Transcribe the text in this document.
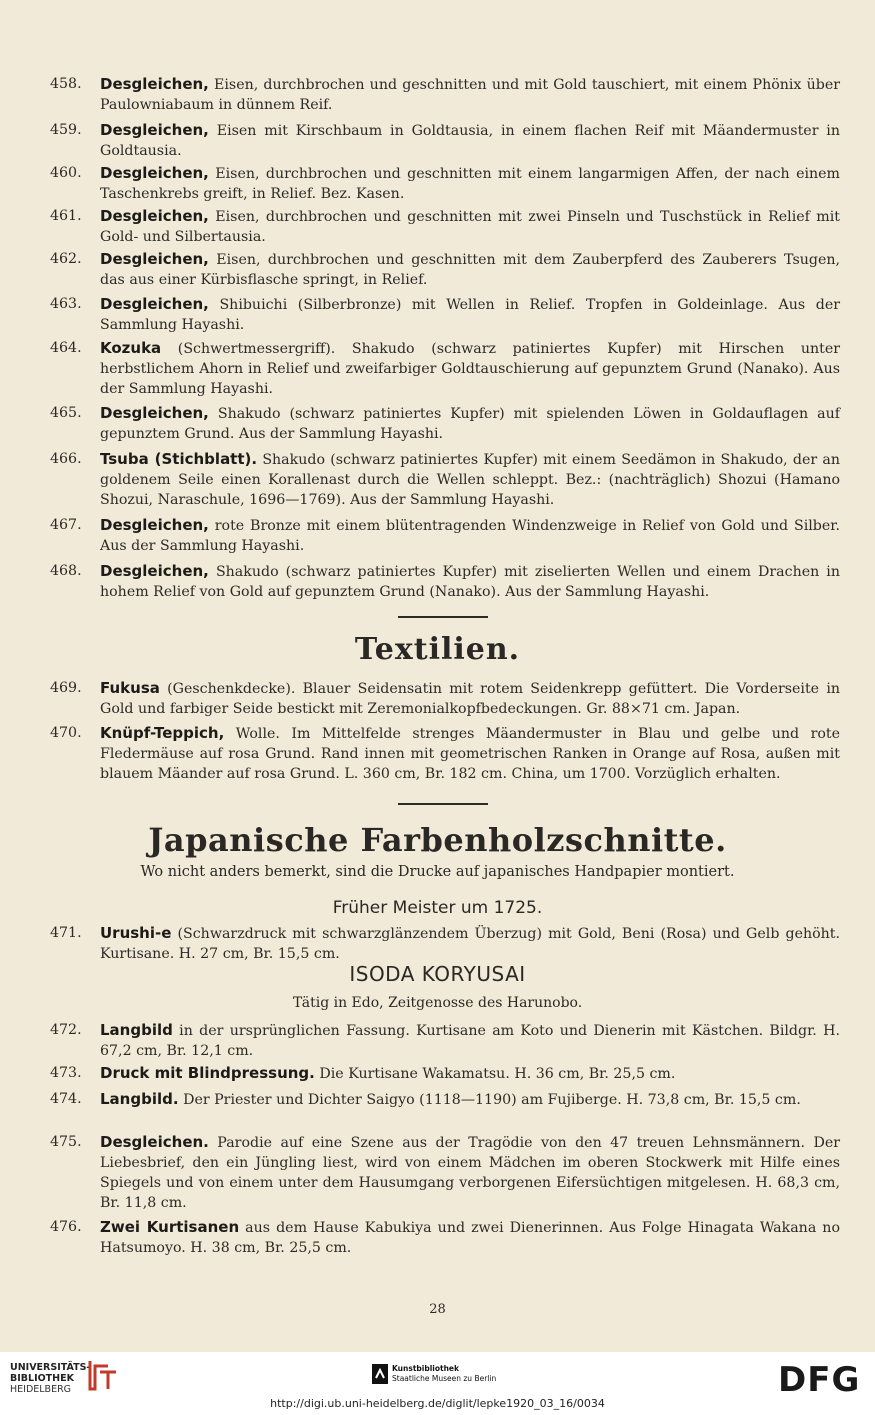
458.	Desgleichen, Eisen, durchbrochen und geschnitten und mit Gold tauschiert, mit einem Phönix über Paulowniabaum in dünnem Reif.
459.	Desgleichen, Eisen mit Kirschbaum in Goldtausia, in einem flachen Reif mit Mäandermuster in Goldtausia.
460.	Desgleichen, Eisen, durchbrochen und geschnitten mit einem langarmigen Affen, der nach einem Taschenkrebs greift, in Relief. Bez. Kasen.
461.	Desgleichen, Eisen, durchbrochen und geschnitten mit zwei Pinseln und Tuschstück in Relief mit Gold- und Silbertausia.
462.	Desgleichen, Eisen, durchbrochen und geschnitten mit dem Zauberpferd des Zauberers Tsugen, das aus einer Kürbisflasche springt, in Relief.
463.	Desgleichen, Shibuichi (Silberbronze) mit Wellen in Relief. Tropfen in Goldeinlage. Aus der Sammlung Hayashi.
464.	Kozuka (Schwertmessergriff). Shakudo (schwarz patiniertes Kupfer) mit Hirschen unter herbstlichem Ahorn in Relief und zweifarbiger Goldtauschierung auf gepunztem Grund (Nanako). Aus der Sammlung Hayashi.
465.	Desgleichen, Shakudo (schwarz patiniertes Kupfer) mit spielenden Löwen in Goldauflagen auf gepunztem Grund. Aus der Sammlung Hayashi.
466.	Tsuba (Stichblatt). Shakudo (schwarz patiniertes Kupfer) mit einem Seedämon in Shakudo, der an goldenem Seile einen Korallenast durch die Wellen schleppt. Bez.: (nachträglich) Shozui (Hamano Shozui, Naraschule, 1696—1769). Aus der Sammlung Hayashi.
467.	Desgleichen, rote Bronze mit einem blütentragenden Windenzweige in Relief von Gold und Silber. Aus der Sammlung Hayashi.
468.	Desgleichen, Shakudo (schwarz patiniertes Kupfer) mit ziselierten Wellen und einem Drachen in hohem Relief von Gold auf gepunztem Grund (Nanako). Aus der Sammlung Hayashi.
Textilien.
469.	Fukusa (Geschenkdecke). Blauer Seidensatin mit rotem Seidenkrepp gefüttert. Die Vorderseite in Gold und farbiger Seide bestickt mit Zeremonialkopfbedeckungen. Gr. 88×71 cm. Japan.
470.	Knüpf-Teppich, Wolle. Im Mittelfelde strenges Mäandermuster in Blau und gelbe und rote Fledermäuse auf rosa Grund. Rand innen mit geometrischen Ranken in Orange auf Rosa, außen mit blauem Mäander auf rosa Grund. L. 360 cm, Br. 182 cm. China, um 1700. Vorzüglich erhalten.
Japanische Farbenholzschnitte.
Wo nicht anders bemerkt, sind die Drucke auf japanisches Handpapier montiert.
Früher Meister um 1725.
471.	Urushi-e (Schwarzdruck mit schwarzglänzendem Überzug) mit Gold, Beni (Rosa) und Gelb gehöht. Kurtisane. H. 27 cm, Br. 15,5 cm.
ISODA KORYUSAI
Tätig in Edo, Zeitgenosse des Harunobo.
472.	Langbild in der ursprünglichen Fassung. Kurtisane am Koto und Dienerin mit Kästchen. Bildgr. H. 67,2 cm, Br. 12,1 cm.
473.	Druck mit Blindpressung. Die Kurtisane Wakamatsu. H. 36 cm, Br. 25,5 cm.
474.	Langbild. Der Priester und Dichter Saigyo (1118—1190) am Fujiberge. H. 73,8 cm, Br. 15,5 cm.
475.	Desgleichen. Parodie auf eine Szene aus der Tragödie von den 47 treuen Lehnsmännern. Der Liebesbrief, den ein Jüngling liest, wird von einem Mädchen im oberen Stockwerk mit Hilfe eines Spiegels und von einem unter dem Hausumgang verborgenen Eifersüchtigen mitgelesen. H. 68,3 cm, Br. 11,8 cm.
476.	Zwei Kurtisanen aus dem Hause Kabukiya und zwei Dienerinnen. Aus Folge Hinagata Wakana no Hatsumoyo. H. 38 cm, Br. 25,5 cm.
28
UNIVERSITÄTS-
BIBLIOTHEK
HEIDELBERG
Kunstbibliothek
Staatliche Museen zu Berlin
http://digi.ub.uni-heidelberg.de/diglit/lepke1920_03_16/0034
DFG
